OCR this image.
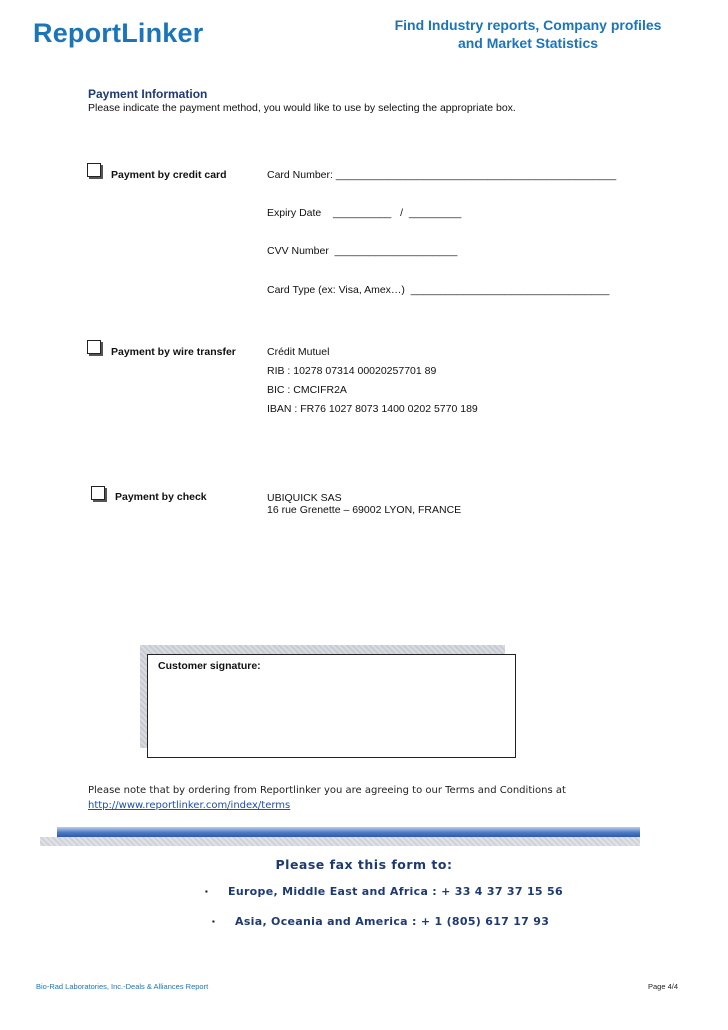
ReportLinker	Find Industry reports, Company profiles
and Market Statistics
Payment Information
Please indicate the payment method, you would like to use by selecting the appropriate box.
Payment by credit card	Card Number: ________________________________________________
Expiry Date    __________   /  _________
CVV Number  _____________________
Card Type (ex: Visa, Amex…)  __________________________________
Payment by wire transfer	Crédit Mutuel
RIB : 10278 07314 00020257701 89
BIC : CMCIFR2A
IBAN : FR76 1027 8073 1400 0202 5770 189
Payment by check	UBIQUICK SAS
16 rue Grenette – 69002 LYON, FRANCE
Customer signature:
Please note that by ordering from Reportlinker you are agreeing to our Terms and Conditions at
http://www.reportlinker.com/index/terms
Please fax this form to:
▪ Europe, Middle East and Africa : + 33 4 37 37 15 56
▪ Asia, Oceania and America : + 1 (805) 617 17 93
Bio-Rad Laboratories, Inc.-Deals & Alliances Report	Page 4/4
